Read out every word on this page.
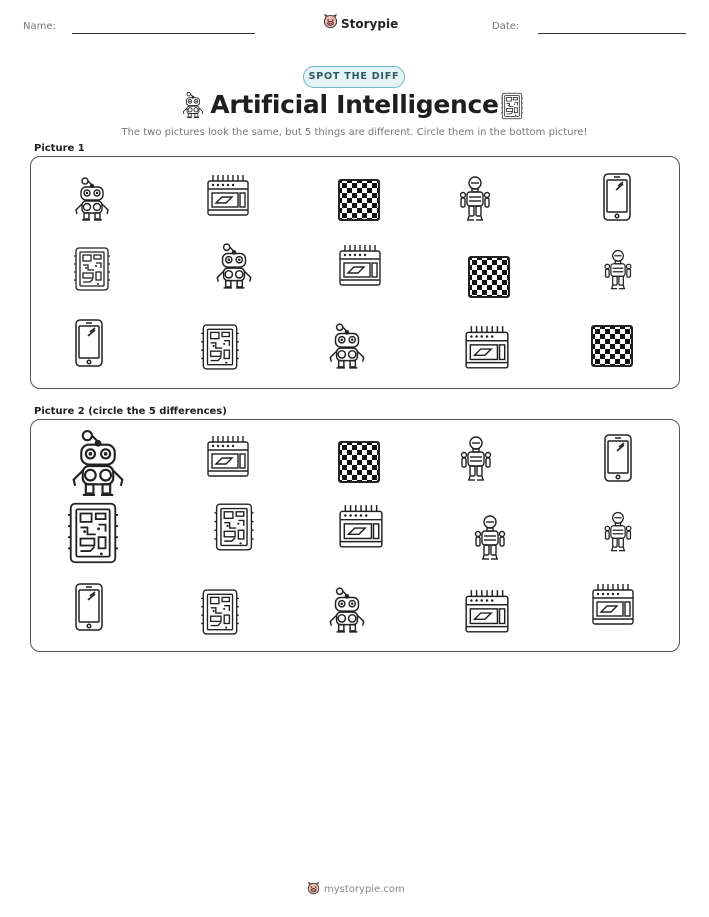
Name:	Storypie	Date:
SPOT THE DIFF
Artificial Intelligence
The two pictures look the same, but 5 things are different. Circle them in the bottom picture!
Picture 1
Picture 2 (circle the 5 differences)
mystorypie.com
